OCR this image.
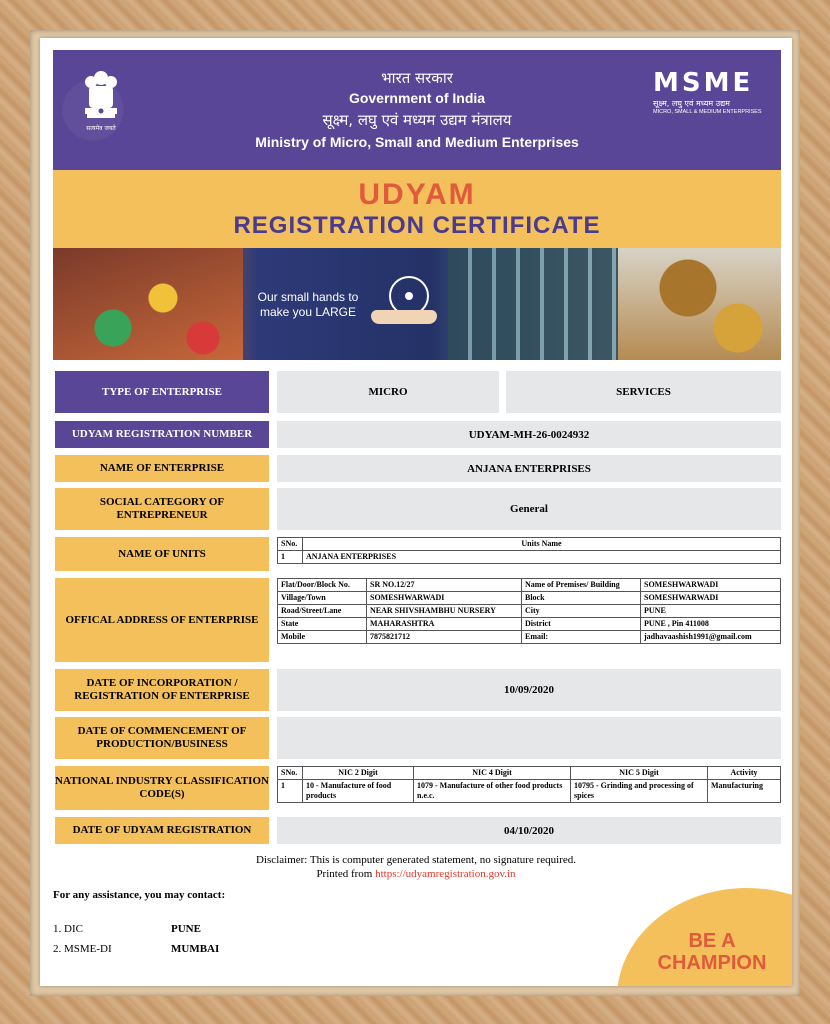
सत्यमेव जयते
भारत सरकार
Government of India
सूक्ष्म, लघु एवं मध्यम उद्यम मंत्रालय
Ministry of Micro, Small and Medium Enterprises
MSME
सूक्ष्म, लघु एवं मध्यम उद्यम
MICRO, SMALL & MEDIUM ENTERPRISES
UDYAM
REGISTRATION CERTIFICATE
Our small hands to
make you LARGE
TYPE OF ENTERPRISE	MICRO	SERVICES
UDYAM REGISTRATION NUMBER	UDYAM-MH-26-0024932
NAME OF ENTERPRISE	ANJANA ENTERPRISES
SOCIAL CATEGORY OF ENTREPRENEUR	General
NAME OF UNITS
SNo.	Units Name
1	ANJANA ENTERPRISES
OFFICAL ADDRESS OF ENTERPRISE
Flat/Door/Block No.	SR NO.12/27	Name of Premises/ Building	SOMESHWARWADI
Village/Town	SOMESHWARWADI	Block	SOMESHWARWADI
Road/Street/Lane	NEAR SHIVSHAMBHU NURSERY	City	PUNE
State	MAHARASHTRA	District	PUNE , Pin 411008
Mobile	7875821712	Email:	jadhavaashish1991@gmail.com
DATE OF INCORPORATION / REGISTRATION OF ENTERPRISE	10/09/2020
DATE OF COMMENCEMENT OF PRODUCTION/BUSINESS
NATIONAL INDUSTRY CLASSIFICATION CODE(S)
SNo.	NIC 2 Digit	NIC 4 Digit	NIC 5 Digit	Activity
1	10 - Manufacture of food products	1079 - Manufacture of other food products n.e.c.	10795 - Grinding and processing of spices	Manufacturing
DATE OF UDYAM REGISTRATION	04/10/2020
Disclaimer: This is computer generated statement, no signature required.
Printed from https://udyamregistration.gov.in
For any assistance, you may contact:
1. DIC	PUNE
2. MSME-DI	MUMBAI	BE A
CHAMPION
